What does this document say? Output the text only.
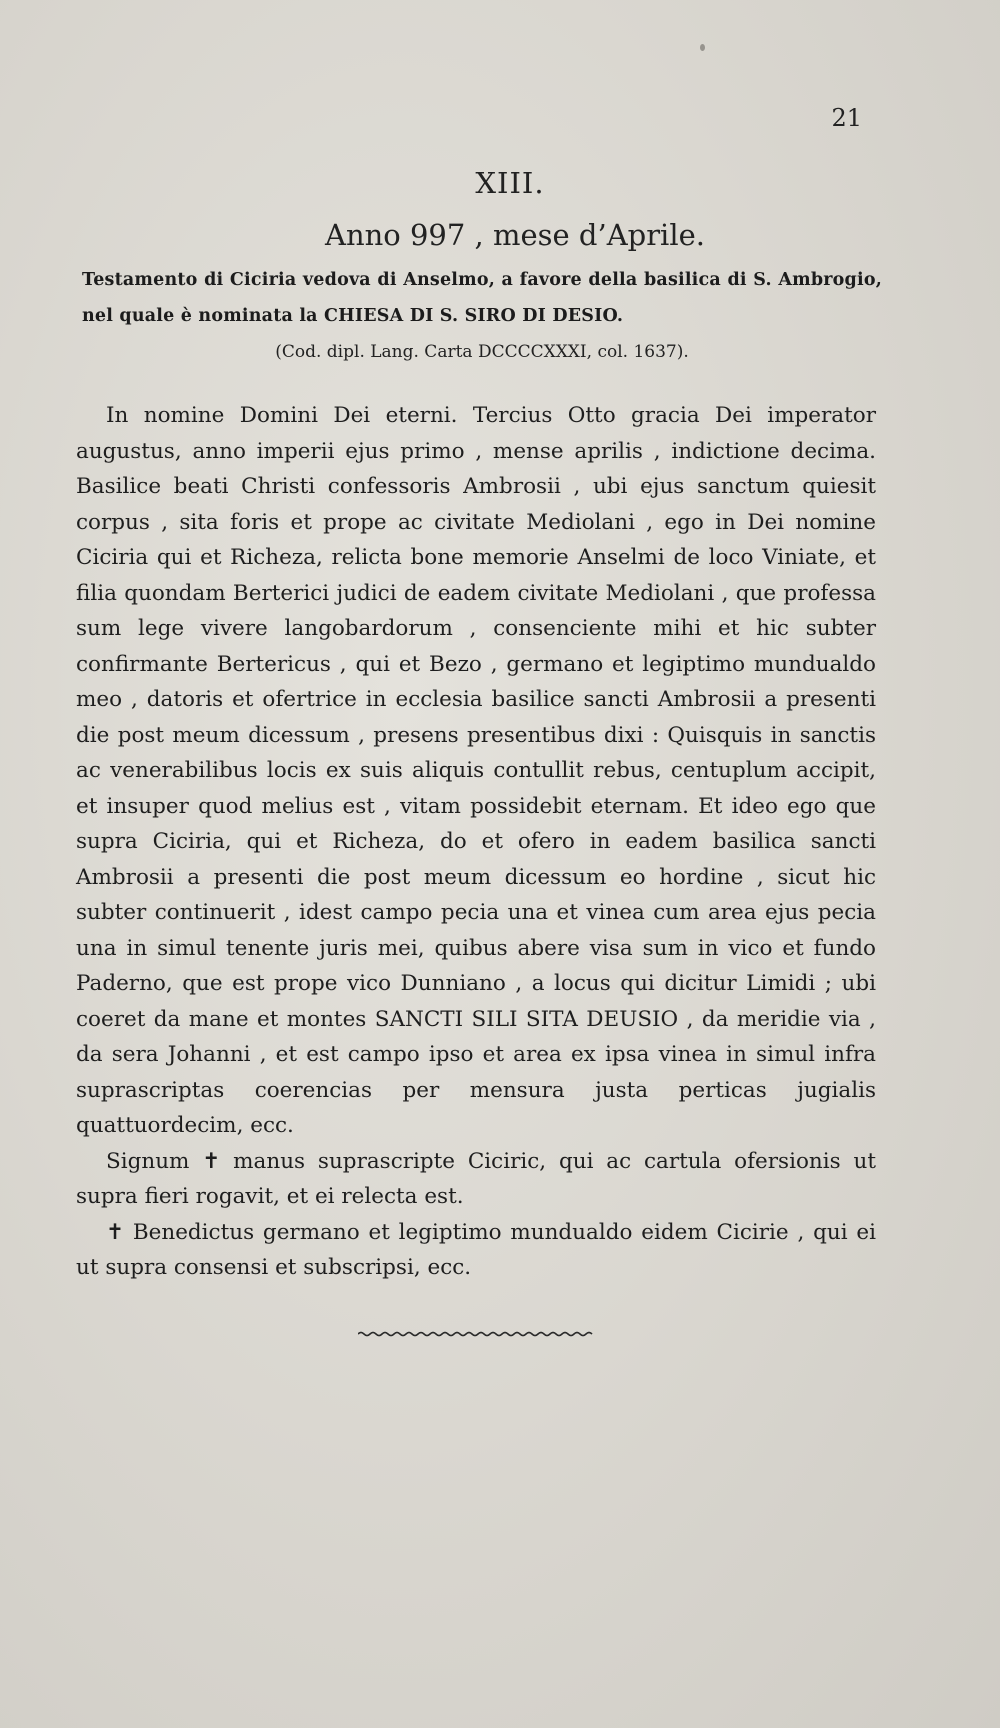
21
XIII.
Anno 997 , mese d’Aprile.
Testamento di Ciciria vedova di Anselmo, a favore della basilica di S. Ambrogio, nel quale è nominata la CHIESA DI S. SIRO DI DESIO.
(Cod. dipl. Lang. Carta DCCCCXXXI, col. 1637).

In nomine Domini Dei eterni. Tercius Otto gracia Dei imperator augustus, anno imperii ejus primo , mense aprilis , indictione decima. Basilice beati Christi confessoris Ambrosii , ubi ejus sanctum quiesit corpus , sita foris et prope ac civitate Mediolani , ego in Dei nomine Ciciria qui et Richeza, relicta bone memorie Anselmi de loco Viniate, et filia quondam Berterici judici de eadem civitate Mediolani , que professa sum lege vivere langobardorum , consenciente mihi et hic subter confirmante Bertericus , qui et Bezo , germano et legiptimo mundualdo meo , datoris et ofertrice in ecclesia basilice sancti Ambrosii a presenti die post meum dicessum , presens presentibus dixi : Quisquis in sanctis ac venerabilibus locis ex suis aliquis contullit rebus, centuplum accipit, et insuper quod melius est , vitam possidebit eternam. Et ideo ego que supra Ciciria, qui et Richeza, do et ofero in eadem basilica sancti Ambrosii a presenti die post meum dicessum eo hordine , sicut hic subter continuerit , idest campo pecia una et vinea cum area ejus pecia una in simul tenente juris mei, quibus abere visa sum in vico et fundo Paderno, que est prope vico Dunniano , a locus qui dicitur Limidi ; ubi coeret da mane et montes SANCTI SILI SITA DEUSIO , da meridie via , da sera Johanni , et est campo ipso et area ex ipsa vinea in simul infra suprascriptas coerencias per mensura justa perticas jugialis quattuordecim, ecc.

Signum ✝ manus suprascripte Ciciric, qui ac cartula ofersionis ut supra fieri rogavit, et ei relecta est.

✝ Benedictus germano et legiptimo mundualdo eidem Cicirie , qui ei ut supra consensi et subscripsi, ecc.
